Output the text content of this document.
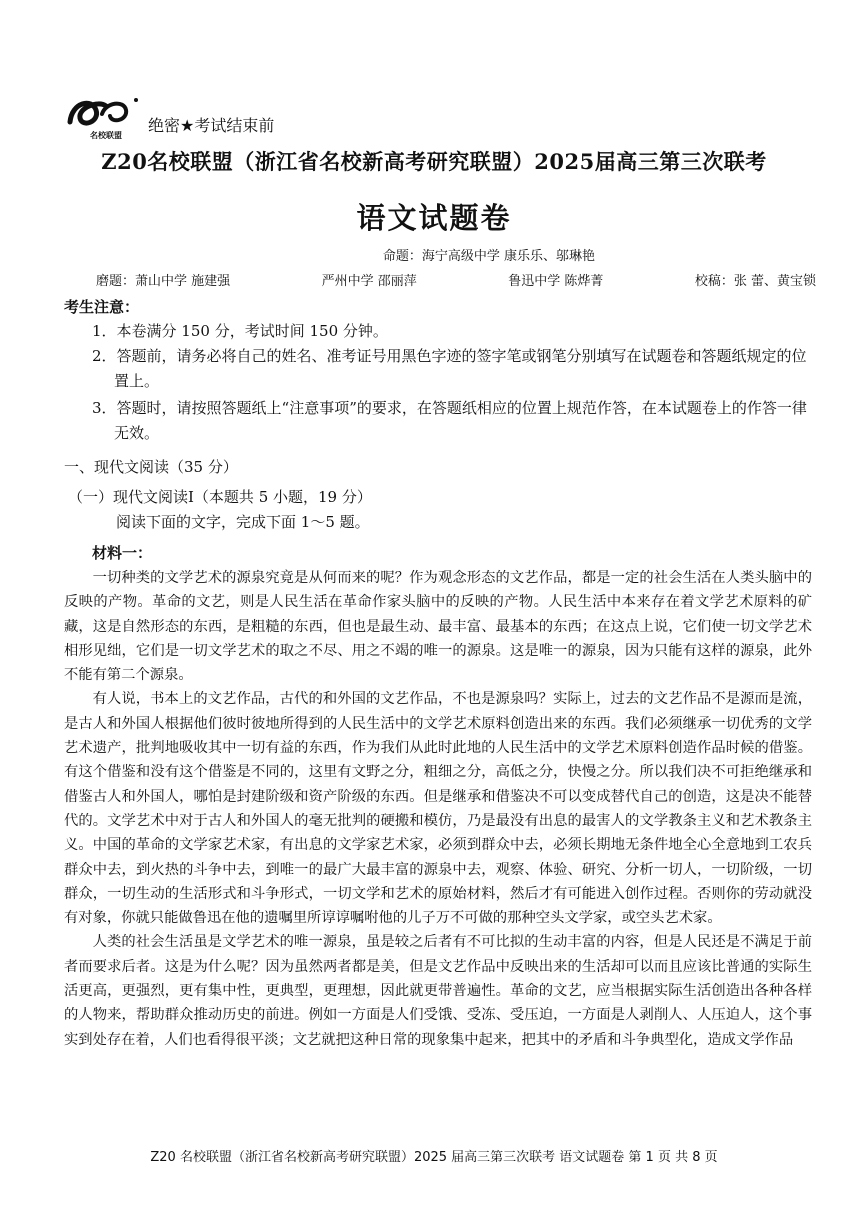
名校联盟
绝密★考试结束前
Z20名校联盟（浙江省名校新高考研究联盟）2025届高三第三次联考
语文试题卷
命题：海宁高级中学 康乐乐、邬琳艳
磨题：萧山中学 施建强	严州中学 邵丽萍	鲁迅中学 陈烨菁	校稿：张 蕾、黄宝锁
考生注意：
1．本卷满分 150 分，考试时间 150 分钟。
2．答题前，请务必将自己的姓名、准考证号用黑色字迹的签字笔或钢笔分别填写在试题卷和答题纸规定的位置上。
3．答题时，请按照答题纸上“注意事项”的要求，在答题纸相应的位置上规范作答，在本试题卷上的作答一律无效。
一、现代文阅读（35 分）
（一）现代文阅读Ⅰ（本题共 5 小题，19 分）
阅读下面的文字，完成下面 1～5 题。
材料一：

一切种类的文学艺术的源泉究竟是从何而来的呢？作为观念形态的文艺作品，都是一定的社会生活在人类头脑中的反映的产物。革命的文艺，则是人民生活在革命作家头脑中的反映的产物。人民生活中本来存在着文学艺术原料的矿藏，这是自然形态的东西，是粗糙的东西，但也是最生动、最丰富、最基本的东西；在这点上说，它们使一切文学艺术相形见绌，它们是一切文学艺术的取之不尽、用之不竭的唯一的源泉。这是唯一的源泉，因为只能有这样的源泉，此外不能有第二个源泉。

有人说，书本上的文艺作品，古代的和外国的文艺作品，不也是源泉吗？实际上，过去的文艺作品不是源而是流，是古人和外国人根据他们彼时彼地所得到的人民生活中的文学艺术原料创造出来的东西。我们必须继承一切优秀的文学艺术遗产，批判地吸收其中一切有益的东西，作为我们从此时此地的人民生活中的文学艺术原料创造作品时候的借鉴。有这个借鉴和没有这个借鉴是不同的，这里有文野之分，粗细之分，高低之分，快慢之分。所以我们决不可拒绝继承和借鉴古人和外国人，哪怕是封建阶级和资产阶级的东西。但是继承和借鉴决不可以变成替代自己的创造，这是决不能替代的。文学艺术中对于古人和外国人的毫无批判的硬搬和模仿，乃是最没有出息的最害人的文学教条主义和艺术教条主义。中国的革命的文学家艺术家，有出息的文学家艺术家，必须到群众中去，必须长期地无条件地全心全意地到工农兵群众中去，到火热的斗争中去，到唯一的最广大最丰富的源泉中去，观察、体验、研究、分析一切人，一切阶级，一切群众，一切生动的生活形式和斗争形式，一切文学和艺术的原始材料，然后才有可能进入创作过程。否则你的劳动就没有对象，你就只能做鲁迅在他的遗嘱里所谆谆嘱咐他的儿子万不可做的那种空头文学家，或空头艺术家。

人类的社会生活虽是文学艺术的唯一源泉，虽是较之后者有不可比拟的生动丰富的内容，但是人民还是不满足于前者而要求后者。这是为什么呢？因为虽然两者都是美，但是文艺作品中反映出来的生活却可以而且应该比普通的实际生活更高，更强烈，更有集中性，更典型，更理想，因此就更带普遍性。革命的文艺，应当根据实际生活创造出各种各样的人物来，帮助群众推动历史的前进。例如一方面是人们受饿、受冻、受压迫，一方面是人剥削人、人压迫人，这个事实到处存在着，人们也看得很平淡；文艺就把这种日常的现象集中起来，把其中的矛盾和斗争典型化，造成文学作品

Z20 名校联盟（浙江省名校新高考研究联盟）2025 届高三第三次联考 语文试题卷 第 1 页 共 8 页
